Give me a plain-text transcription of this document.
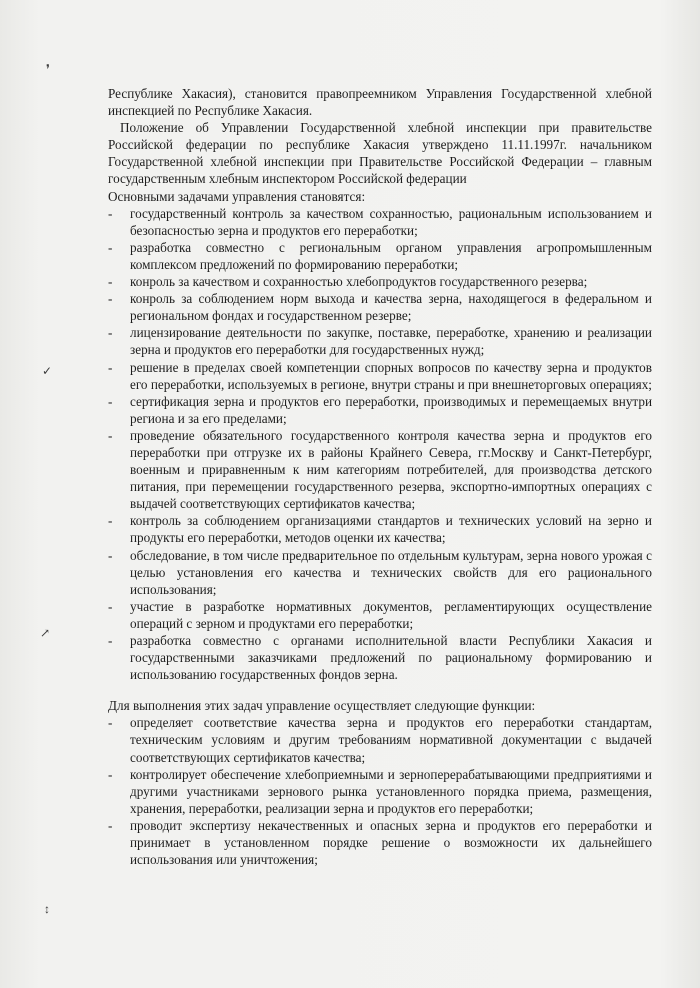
❜
✓
↗
↕

Республике Хакасия), становится правопреемником Управления Государственной хлебной инспекцией по Республике Хакасия.

Положение об Управлении Государственной хлебной инспекции при правительстве Российской федерации по республике Хакасия утверждено 11.11.1997г. начальником Государственной хлебной инспекции при Правительстве Российской Федерации – главным государственным хлебным инспектором Российской федерации

Основными задачами управления становятся:

-	государственный контроль за качеством сохранностью, рациональным использованием и безопасностью зерна и продуктов его переработки;
-	разработка совместно с региональным органом управления агропромышленным комплексом предложений по формированию переработки;
-	конроль за качеством и сохранностью хлебопродуктов государственного резерва;
-	конроль за соблюдением норм выхода и качества зерна, находящегося в федеральном и региональном фондах и государственном резерве;
-	лицензирование деятельности по закупке, поставке, переработке, хранению и реализации зерна и продуктов его переработки для государственных нужд;
-	решение в пределах своей компетенции спорных вопросов по качеству зерна и продуктов его переработки, используемых в регионе, внутри страны и при внешнеторговых операциях;
-	сертификация зерна и продуктов его переработки, производимых и перемещаемых внутри региона и за его пределами;
-	проведение обязательного государственного контроля качества зерна и продуктов его переработки при отгрузке их в районы Крайнего Севера, гг.Москву и Санкт-Петербург, военным и приравненным к ним категориям потребителей, для производства детского питания, при перемещении государственного резерва, экспортно-импортных операциях с выдачей соответствующих сертификатов качества;
-	контроль за соблюдением организациями стандартов и технических условий на зерно и продукты его переработки, методов оценки их качества;
-	обследование, в том числе предварительное по отдельным культурам, зерна нового урожая с целью установления его качества и технических свойств для его рационального использования;
-	участие в разработке нормативных документов, регламентирующих осуществление операций с зерном и продуктами его переработки;
-	разработка совместно с органами исполнительной власти Республики Хакасия и государственными заказчиками предложений по рациональному формированию и использованию государственных фондов зерна.

Для выполнения этих задач управление осуществляет следующие функции:

-	определяет соответствие качества зерна и продуктов его переработки стандартам, техническим условиям и другим требованиям нормативной документации с выдачей соответствующих сертификатов качества;
-	контролирует обеспечение хлебоприемными и зерноперерабатывающими предприятиями и другими участниками зернового рынка установленного порядка приема, размещения, хранения, переработки, реализации зерна и продуктов его переработки;
-	проводит экспертизу некачественных и опасных зерна и продуктов его переработки и принимает в установленном порядке решение о возможности их дальнейшего использования или уничтожения;
